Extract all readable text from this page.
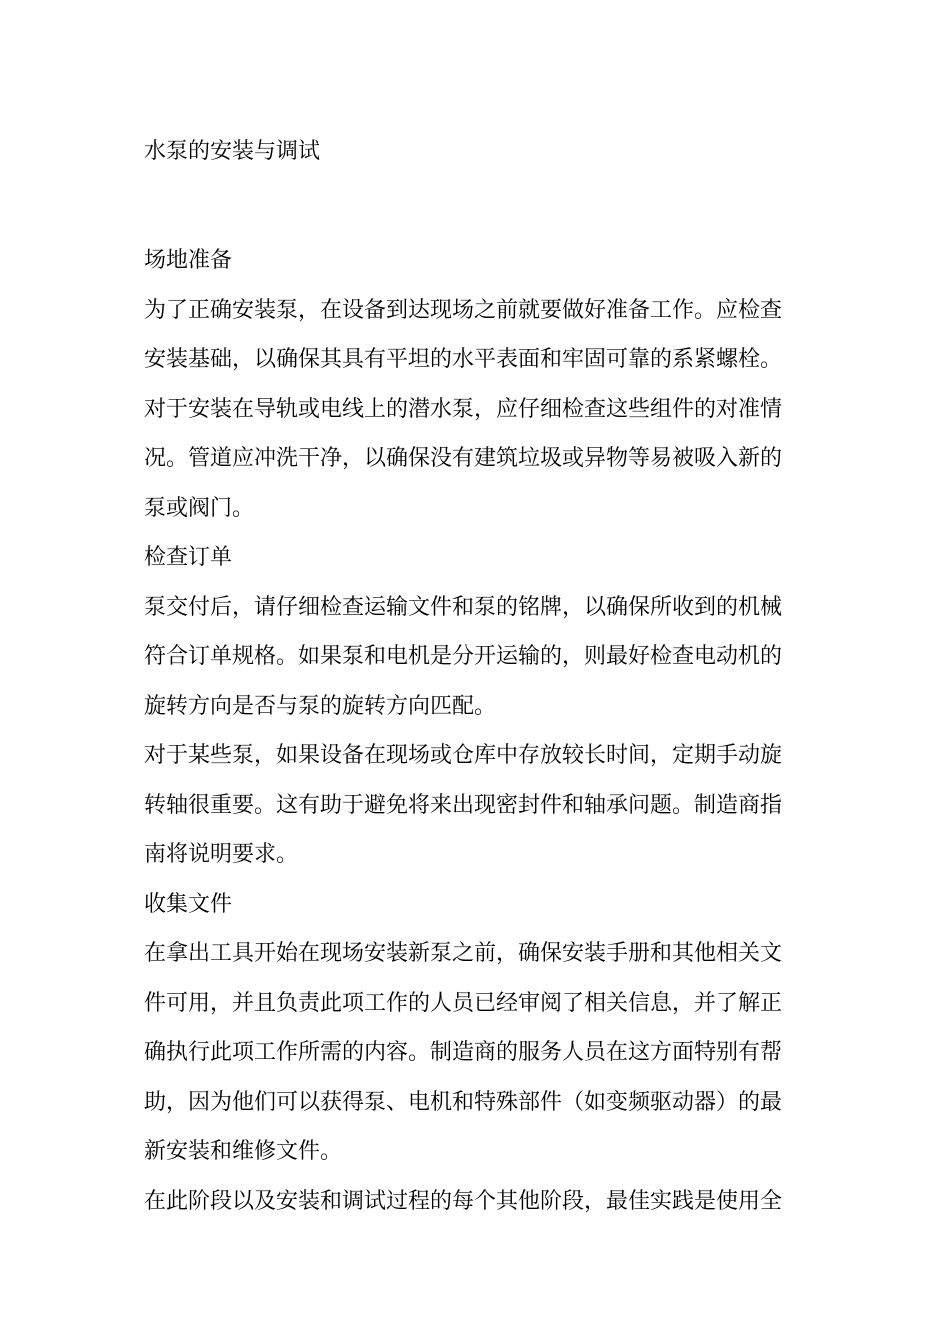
水泵的安装与调试

场地准备

为了正确安装泵，在设备到达现场之前就要做好准备工作。应检查

安装基础，以确保其具有平坦的水平表面和牢固可靠的系紧螺栓。

对于安装在导轨或电线上的潜水泵，应仔细检查这些组件的对准情

况。管道应冲洗干净，以确保没有建筑垃圾或异物等易被吸入新的

泵或阀门。

检查订单

泵交付后，请仔细检查运输文件和泵的铭牌，以确保所收到的机械

符合订单规格。如果泵和电机是分开运输的，则最好检查电动机的

旋转方向是否与泵的旋转方向匹配。

对于某些泵，如果设备在现场或仓库中存放较长时间，定期手动旋

转轴很重要。这有助于避免将来出现密封件和轴承问题。制造商指

南将说明要求。

收集文件

在拿出工具开始在现场安装新泵之前，确保安装手册和其他相关文

件可用，并且负责此项工作的人员已经审阅了相关信息，并了解正

确执行此项工作所需的内容。制造商的服务人员在这方面特别有帮

助，因为他们可以获得泵、电机和特殊部件（如变频驱动器）的最

新安装和维修文件。

在此阶段以及安装和调试过程的每个其他阶段，最佳实践是使用全
